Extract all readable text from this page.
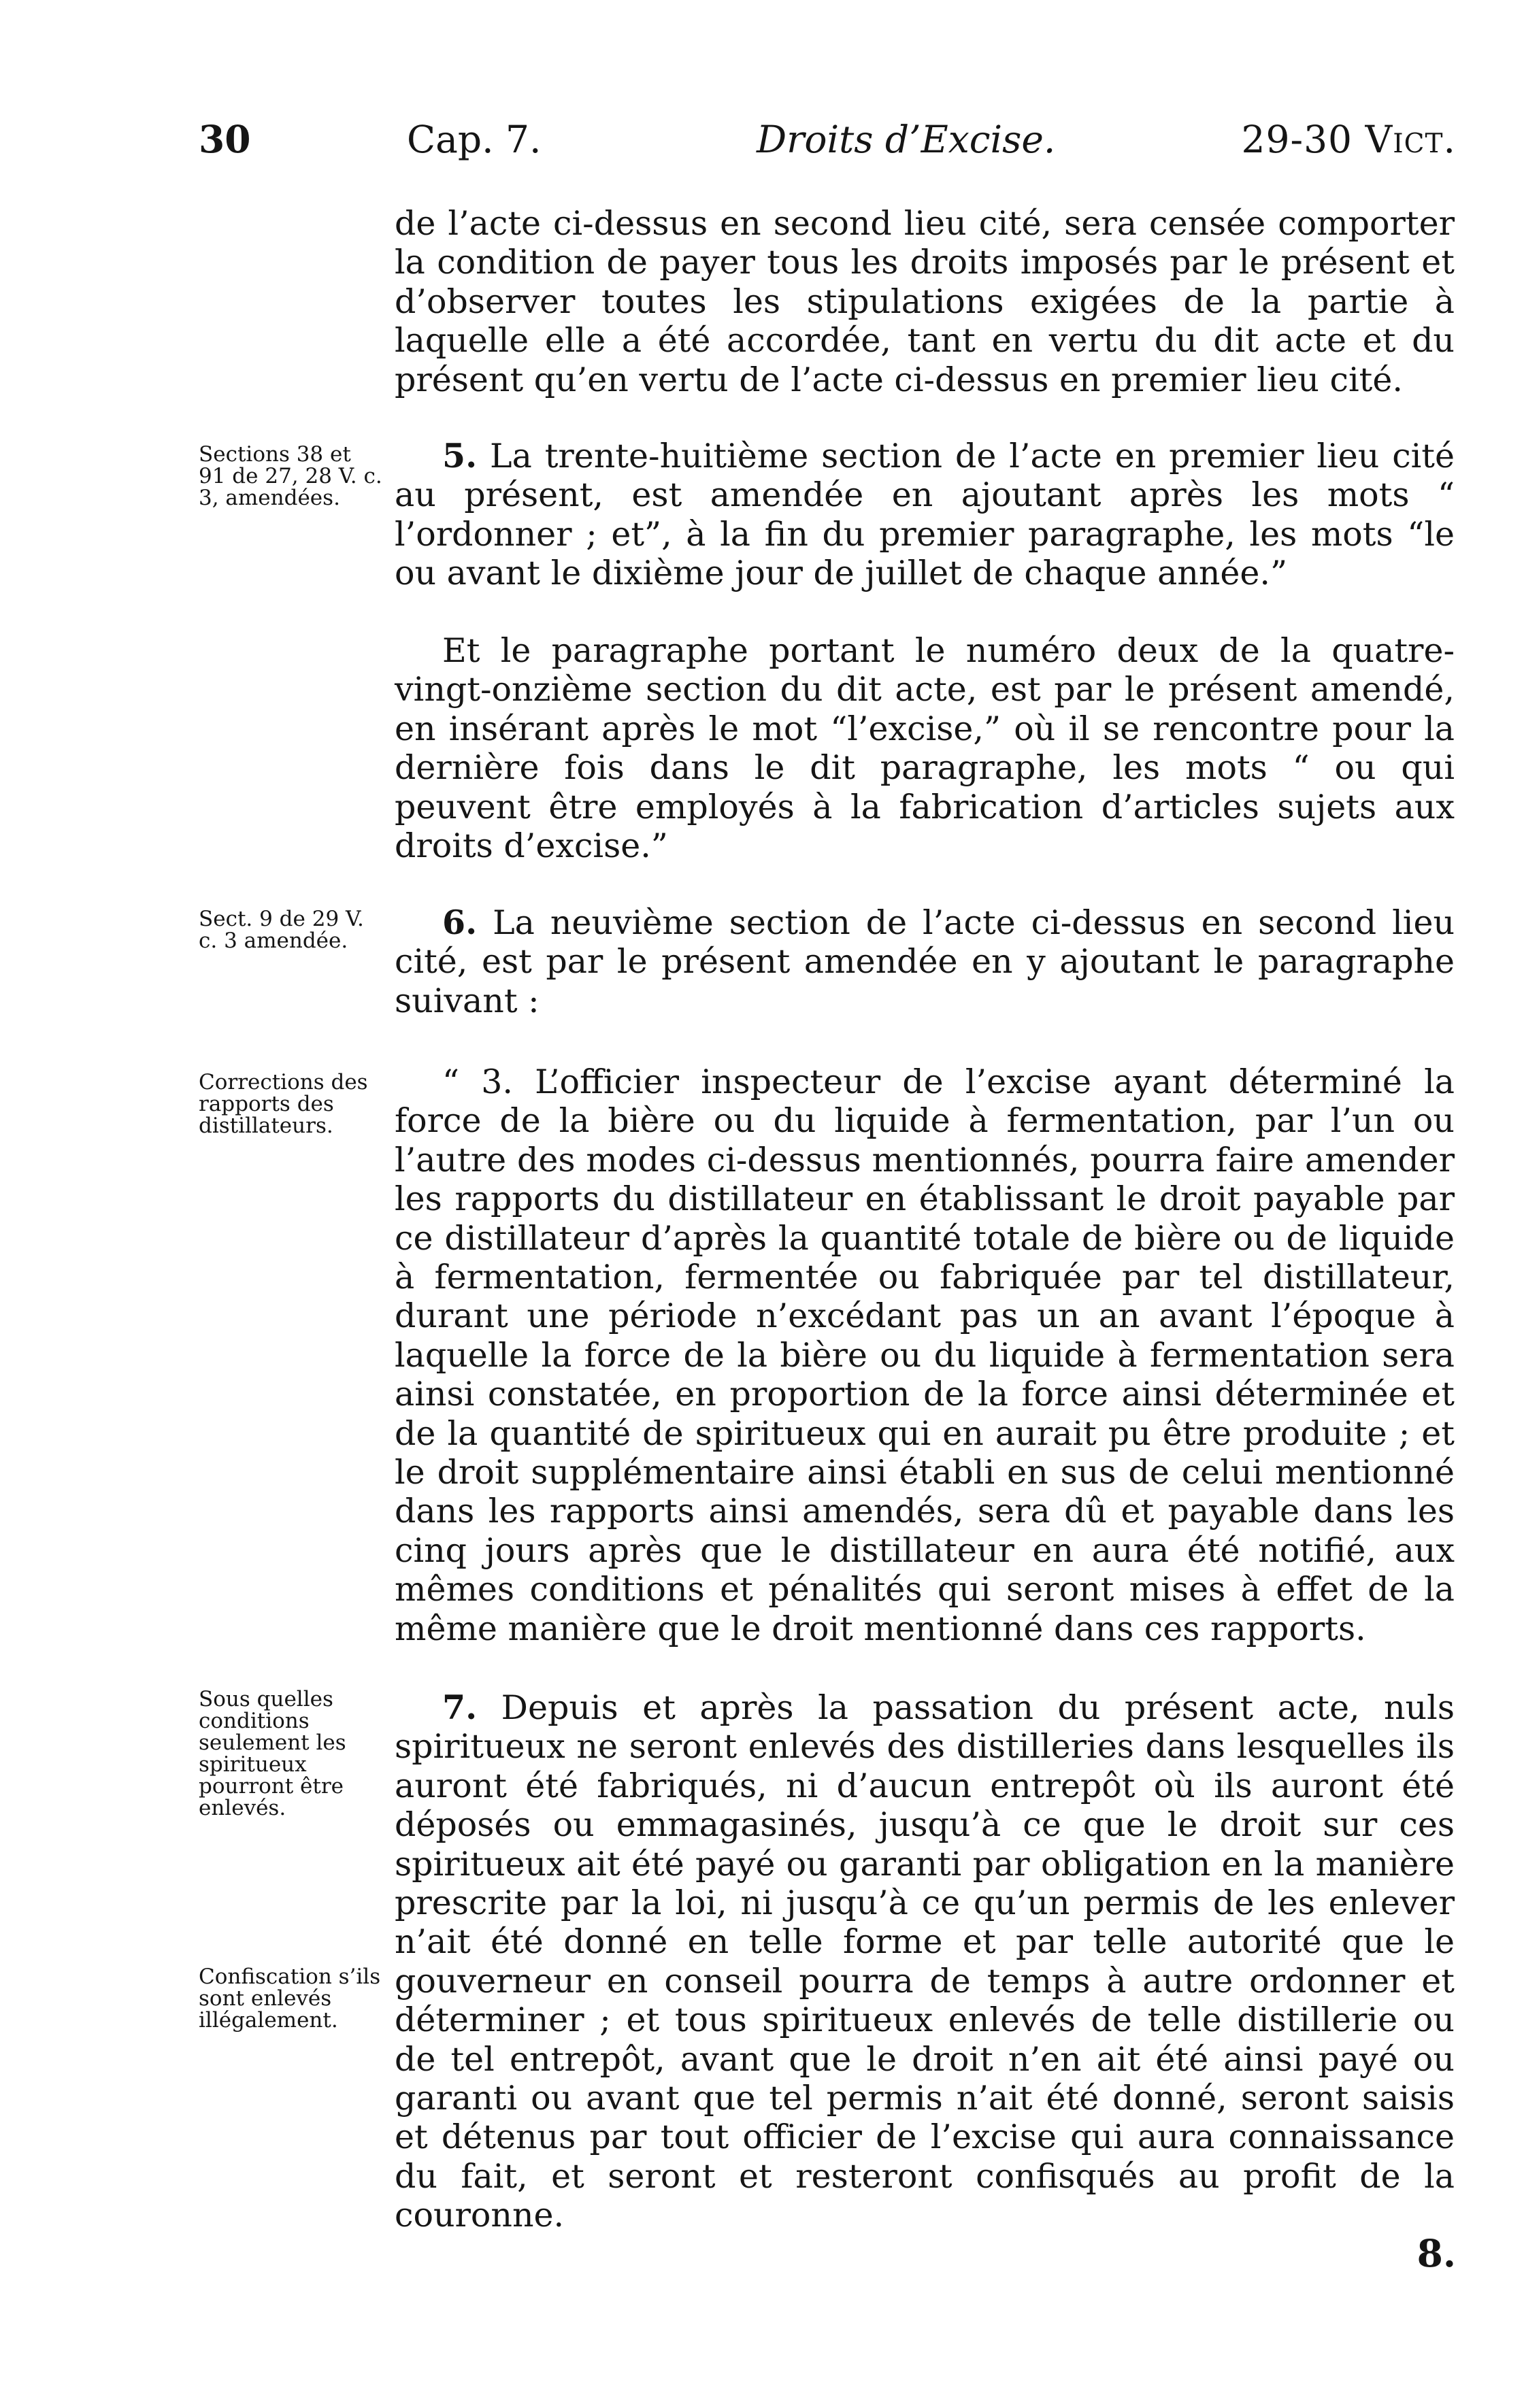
30	Cap. 7.	Droits d’Excise.	29-30 Vict.

de l’acte ci-dessus en second lieu cité, sera censée comporter la condition de payer tous les droits imposés par le présent et d’observer toutes les stipulations exigées de la partie à laquelle elle a été accordée, tant en vertu du dit acte et du présent qu’en vertu de l’acte ci-dessus en premier lieu cité.

Sections 38 et 91 de 27, 28 V. c. 3, amendées.

5. La trente-huitième section de l’acte en premier lieu cité au présent, est amendée en ajoutant après les mots “ l’ordonner ; et”, à la fin du premier paragraphe, les mots “le ou avant le dixième jour de juillet de chaque année.”

Et le paragraphe portant le numéro deux de la quatre-vingt-onzième section du dit acte, est par le présent amendé, en insérant après le mot “l’excise,” où il se rencontre pour la dernière fois dans le dit paragraphe, les mots “ ou qui peuvent être employés à la fabrication d’articles sujets aux droits d’excise.”

Sect. 9 de 29 V. c. 3 amendée.	6. La neuvième section de l’acte ci-dessus en second lieu cité, est par le présent amendée en y ajoutant le paragraphe suivant :

Corrections des rapports des distillateurs.

“ 3. L’officier inspecteur de l’excise ayant déterminé la force de la bière ou du liquide à fermentation, par l’un ou l’autre des modes ci-dessus mentionnés, pourra faire amender les rapports du distillateur en établissant le droit payable par ce distillateur d’après la quantité totale de bière ou de liquide à fermentation, fermentée ou fabriquée par tel distillateur, durant une période n’excédant pas un an avant l’époque à laquelle la force de la bière ou du liquide à fermentation sera ainsi constatée, en proportion de la force ainsi déterminée et de la quantité de spiritueux qui en aurait pu être produite ; et le droit supplémentaire ainsi établi en sus de celui mentionné dans les rapports ainsi amendés, sera dû et payable dans les cinq jours après que le distillateur en aura été notifié, aux mêmes conditions et pénalités qui seront mises à effet de la même manière que le droit mentionné dans ces rapports.

Sous quelles conditions seulement les spiritueux pourront être enlevés.
Confiscation s’ils sont enlevés illégalement.

7. Depuis et après la passation du présent acte, nuls spiritueux ne seront enlevés des distilleries dans lesquelles ils auront été fabriqués, ni d’aucun entrepôt où ils auront été déposés ou emmagasinés, jusqu’à ce que le droit sur ces spiritueux ait été payé ou garanti par obligation en la manière prescrite par la loi, ni jusqu’à ce qu’un permis de les enlever n’ait été donné en telle forme et par telle autorité que le gouverneur en conseil pourra de temps à autre ordonner et déterminer ; et tous spiritueux enlevés de telle distillerie ou de tel entrepôt, avant que le droit n’en ait été ainsi payé ou garanti ou avant que tel permis n’ait été donné, seront saisis et détenus par tout officier de l’excise qui aura connaissance du fait, et seront et resteront confisqués au profit de la couronne.

8.
